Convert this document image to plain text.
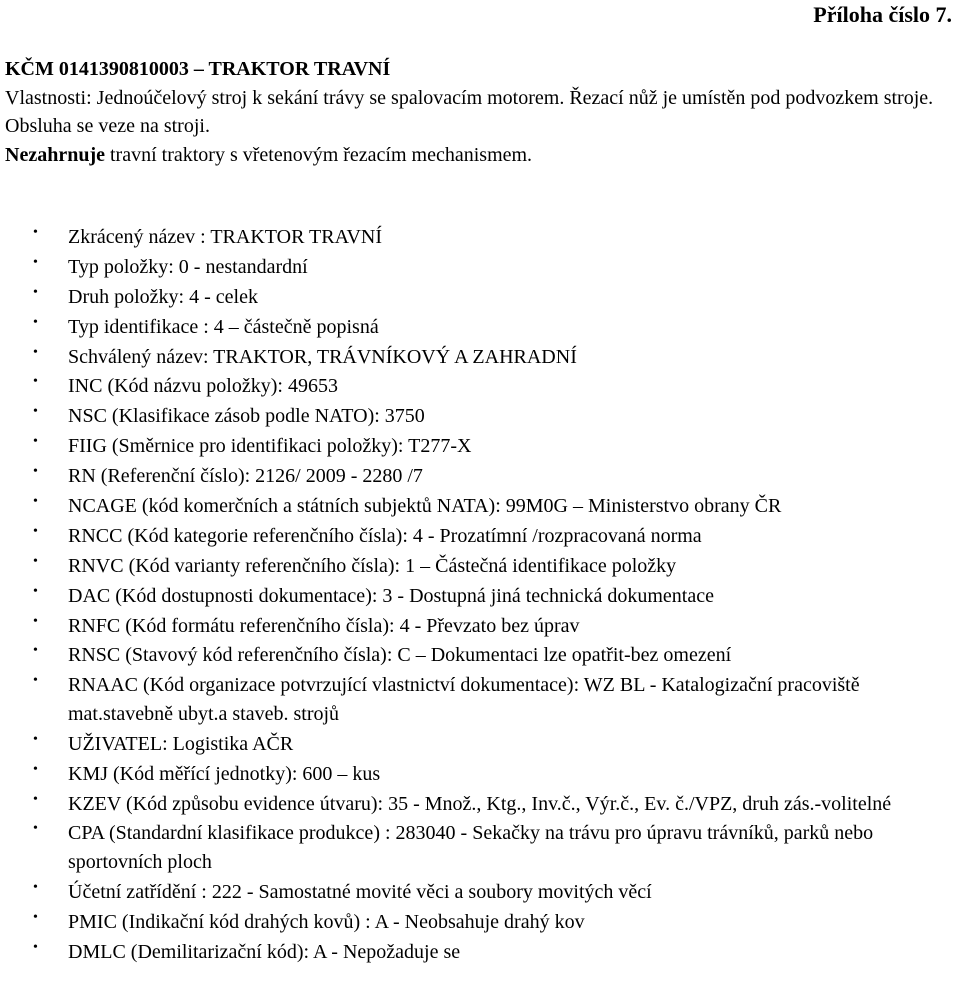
Příloha číslo 7.
KČM 0141390810003 – TRAKTOR TRAVNÍ
Vlastnosti: Jednoúčelový stroj k sekání trávy se spalovacím motorem. Řezací nůž je umístěn pod podvozkem stroje. Obsluha se veze na stroji.
Nezahrnuje travní traktory s vřetenovým řezacím mechanismem.
• Zkrácený název : TRAKTOR TRAVNÍ
• Typ položky: 0 - nestandardní
• Druh položky: 4 - celek
• Typ identifikace : 4 – částečně popisná
• Schválený název: TRAKTOR, TRÁVNÍKOVÝ A ZAHRADNÍ
• INC (Kód názvu položky): 49653
• NSC (Klasifikace zásob podle NATO): 3750
• FIIG (Směrnice pro identifikaci položky): T277-X
• RN (Referenční číslo): 2126/ 2009 - 2280 /7
• NCAGE (kód komerčních a státních subjektů NATA): 99M0G – Ministerstvo obrany ČR
• RNCC (Kód kategorie referenčního čísla): 4 - Prozatímní /rozpracovaná norma
• RNVC (Kód varianty referenčního čísla): 1 – Částečná identifikace položky
• DAC (Kód dostupnosti dokumentace): 3 - Dostupná jiná technická dokumentace
• RNFC (Kód formátu referenčního čísla): 4 - Převzato bez úprav
• RNSC (Stavový kód referenčního čísla): C – Dokumentaci lze opatřit-bez omezení
• RNAAC (Kód organizace potvrzující vlastnictví dokumentace): WZ BL - Katalogizační pracoviště mat.stavebně ubyt.a staveb. strojů
• UŽIVATEL: Logistika AČR
• KMJ (Kód měřící jednotky): 600 – kus
• KZEV (Kód způsobu evidence útvaru): 35 - Množ., Ktg., Inv.č., Výr.č., Ev. č./VPZ, druh zás.-volitelné
• CPA (Standardní klasifikace produkce) : 283040 - Sekačky na trávu pro úpravu trávníků, parků nebo sportovních ploch
• Účetní zatřídění : 222 - Samostatné movité věci a soubory movitých věcí
• PMIC (Indikační kód drahých kovů) : A - Neobsahuje drahý kov
• DMLC (Demilitarizační kód): A - Nepožaduje se
